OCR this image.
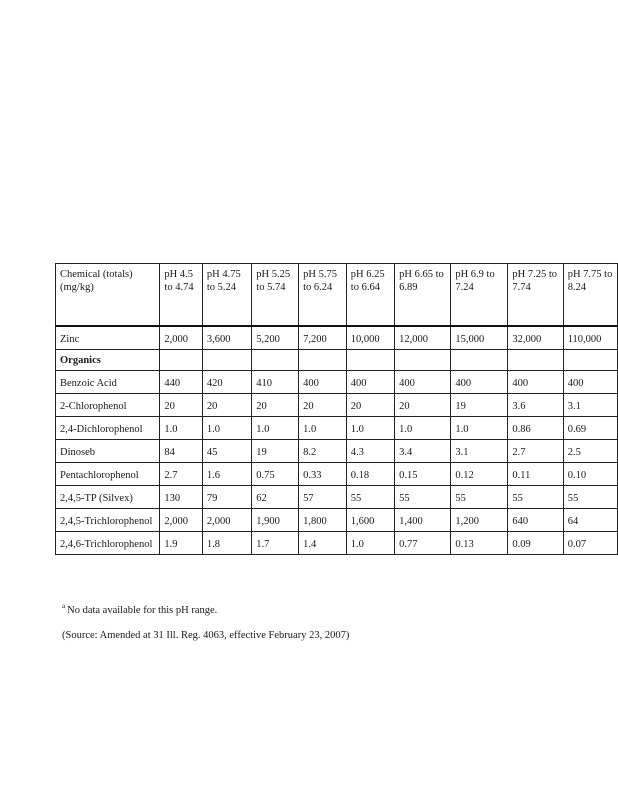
Chemical (totals) (mg/kg)	pH 4.5 to 4.74	pH 4.75 to 5.24	pH 5.25 to 5.74	pH 5.75 to 6.24	pH 6.25 to 6.64	pH 6.65 to 6.89	pH 6.9 to 7.24	pH 7.25 to 7.74	pH 7.75 to 8.24
Zinc	2,000	3,600	5,200	7,200	10,000	12,000	15,000	32,000	110,000
Organics									
Benzoic Acid	440	420	410	400	400	400	400	400	400
2-Chlorophenol	20	20	20	20	20	20	19	3.6	3.1
2,4-Dichlorophenol	1.0	1.0	1.0	1.0	1.0	1.0	1.0	0.86	0.69
Dinoseb	84	45	19	8.2	4.3	3.4	3.1	2.7	2.5
Pentachlorophenol	2.7	1.6	0.75	0.33	0.18	0.15	0.12	0.11	0.10
2,4,5-TP (Silvex)	130	79	62	57	55	55	55	55	55
2,4,5-Trichlorophenol	2,000	2,000	1,900	1,800	1,600	1,400	1,200	640	64
2,4,6-Trichlorophenol	1.9	1.8	1.7	1.4	1.0	0.77	0.13	0.09	0.07
$^a$ No data available for this pH range.
(Source: Amended at 31 Ill. Reg. 4063, effective February 23, 2007)
